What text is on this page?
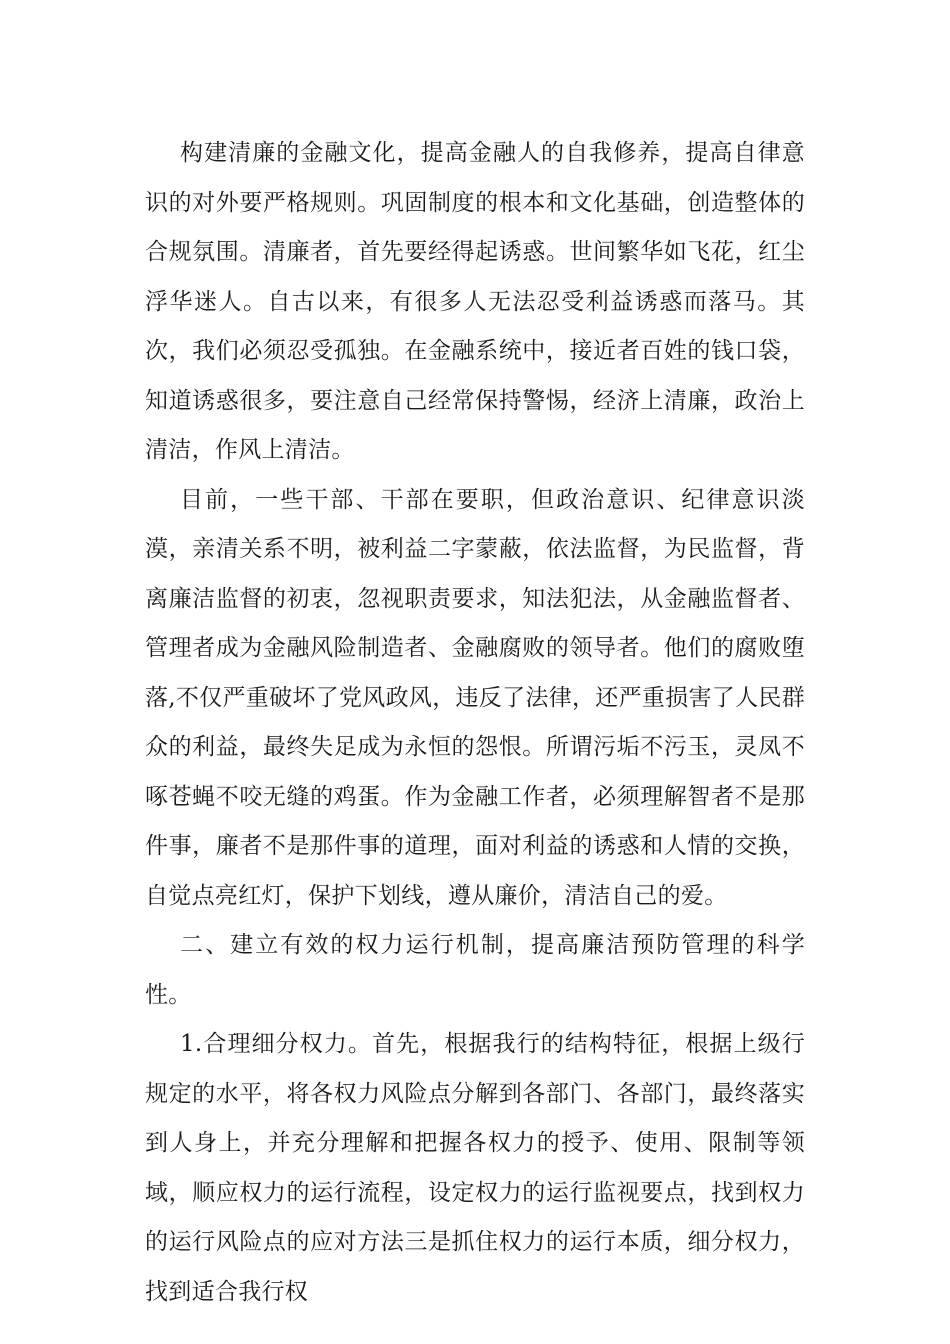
构建清廉的金融文化，提高金融人的自我修养，提高自律意识的对外要严格规则。巩固制度的根本和文化基础，创造整体的合规氛围。清廉者，首先要经得起诱惑。世间繁华如飞花，红尘浮华迷人。自古以来，有很多人无法忍受利益诱惑而落马。其次，我们必须忍受孤独。在金融系统中，接近者百姓的钱口袋，知道诱惑很多，要注意自己经常保持警惕，经济上清廉，政治上清洁，作风上清洁。

目前，一些干部、干部在要职，但政治意识、纪律意识淡漠，亲清关系不明，被利益二字蒙蔽，依法监督，为民监督，背离廉洁监督的初衷，忽视职责要求，知法犯法，从金融监督者、管理者成为金融风险制造者、金融腐败的领导者。他们的腐败堕落,不仅严重破坏了党风政风，违反了法律，还严重损害了人民群众的利益，最终失足成为永恒的怨恨。所谓污垢不污玉，灵凤不啄苍蝇不咬无缝的鸡蛋。作为金融工作者，必须理解智者不是那件事，廉者不是那件事的道理，面对利益的诱惑和人情的交换，自觉点亮红灯，保护下划线，遵从廉价，清洁自己的爱。

二、建立有效的权力运行机制，提高廉洁预防管理的科学性。

1.合理细分权力。首先，根据我行的结构特征，根据上级行规定的水平，将各权力风险点分解到各部门、各部门，最终落实到人身上，并充分理解和把握各权力的授予、使用、限制等领域，顺应权力的运行流程，设定权力的运行监视要点，找到权力的运行风险点的应对方法三是抓住权力的运行本质，细分权力，找到适合我行权
